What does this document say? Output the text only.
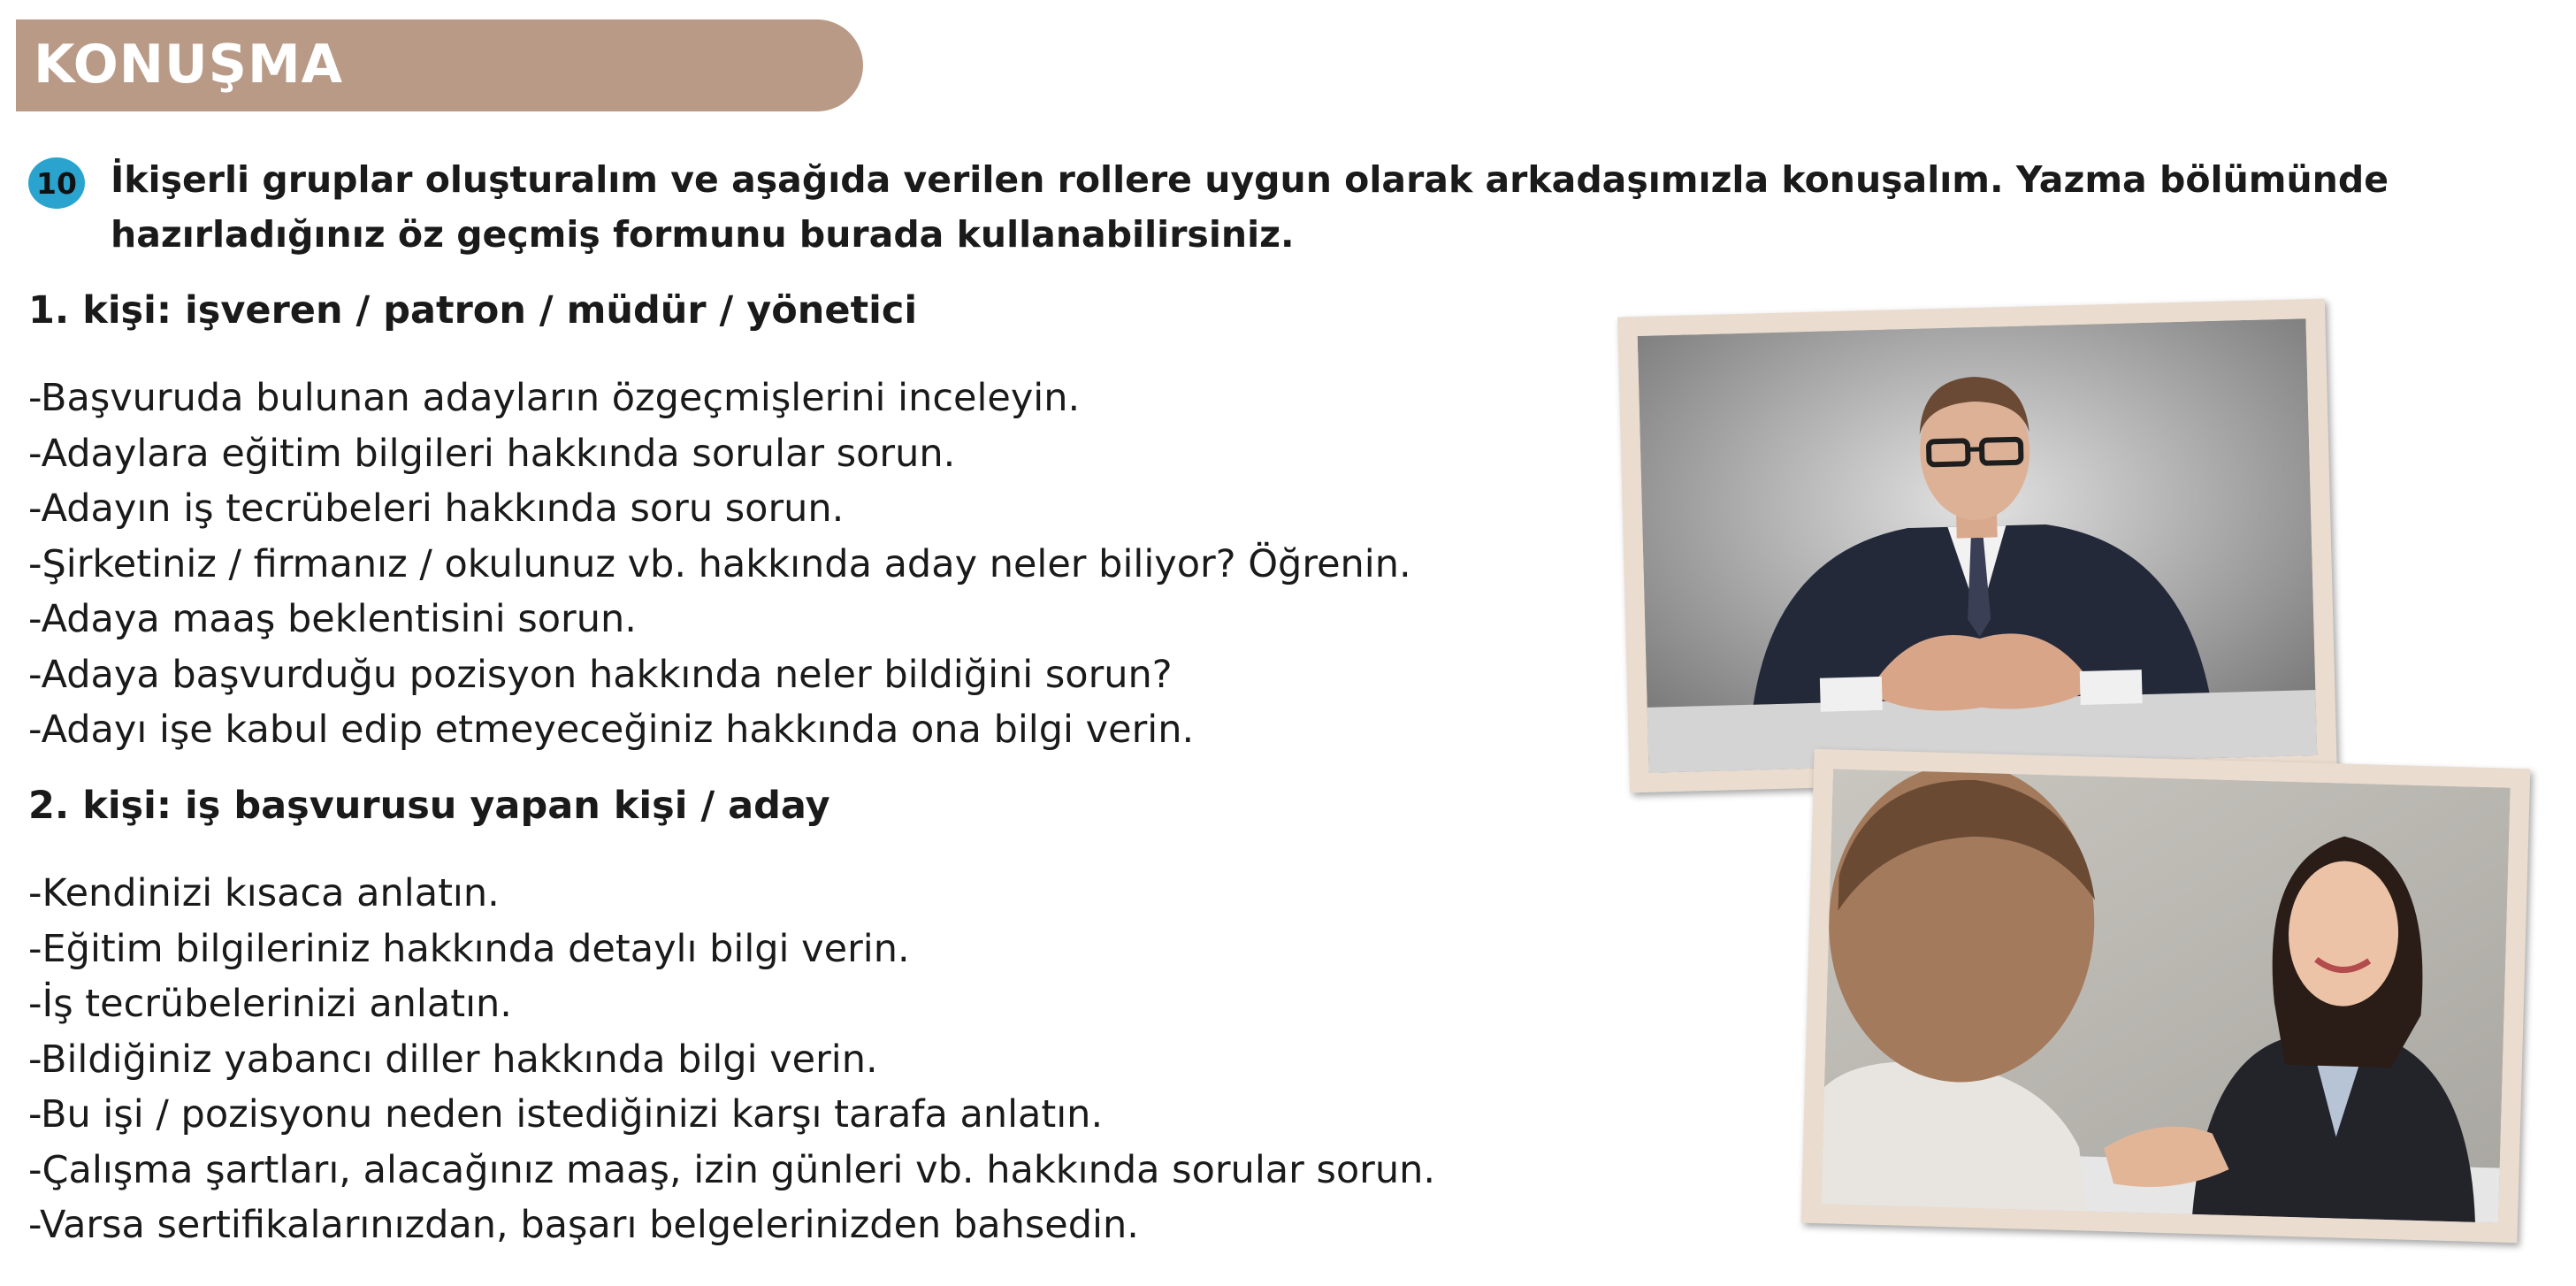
KONUŞMA
10 İkişerli gruplar oluşturalım ve aşağıda verilen rollere uygun olarak arkadaşımızla konuşalım. Yazma bölümünde hazırladığınız öz geçmiş formunu burada kullanabilirsiniz.
1. kişi: işveren / patron / müdür / yönetici
-Başvuruda bulunan adayların özgeçmişlerini inceleyin.
-Adaylara eğitim bilgileri hakkında sorular sorun.
-Adayın iş tecrübeleri hakkında soru sorun.
-Şirketiniz / firmanız / okulunuz vb. hakkında aday neler biliyor? Öğrenin.
-Adaya maaş beklentisini sorun.
-Adaya başvurduğu pozisyon hakkında neler bildiğini sorun?
-Adayı işe kabul edip etmeyeceğiniz hakkında ona bilgi verin.
2. kişi: iş başvurusu yapan kişi / aday
-Kendinizi kısaca anlatın.
-Eğitim bilgileriniz hakkında detaylı bilgi verin.
-İş tecrübelerinizi anlatın.
-Bildiğiniz yabancı diller hakkında bilgi verin.
-Bu işi / pozisyonu neden istediğinizi karşı tarafa anlatın.
-Çalışma şartları, alacağınız maaş, izin günleri vb. hakkında sorular sorun.
-Varsa sertifikalarınızdan, başarı belgelerinizden bahsedin.
